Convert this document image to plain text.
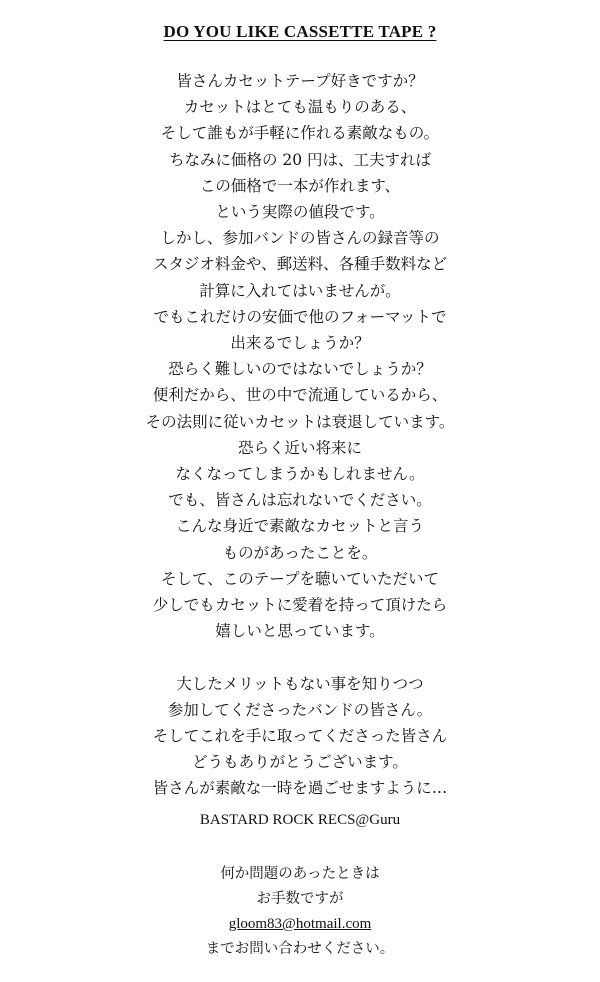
DO YOU LIKE CASSETTE TAPE ?
皆さんカセットテープ好きですか？
カセットはとても温もりのある、
そして誰もが手軽に作れる素敵なもの。
ちなみに価格の 20 円は、工夫すれば
この価格で一本が作れます、
という実際の値段です。
しかし、参加バンドの皆さんの録音等の
スタジオ料金や、郵送料、各種手数料など
計算に入れてはいませんが。
でもこれだけの安価で他のフォーマットで
出来るでしょうか？
恐らく難しいのではないでしょうか？
便利だから、世の中で流通しているから、
その法則に従いカセットは衰退しています。
恐らく近い将来に
なくなってしまうかもしれません。
でも、皆さんは忘れないでください。
こんな身近で素敵なカセットと言う
ものがあったことを。
そして、このテープを聴いていただいて
少しでもカセットに愛着を持って頂けたら
嬉しいと思っています。

大したメリットもない事を知りつつ
参加してくださったバンドの皆さん。
そしてこれを手に取ってくださった皆さん
どうもありがとうございます。
皆さんが素敵な一時を過ごせますように…
BASTARD ROCK RECS@Guru
何か問題のあったときは
お手数ですが
gloom83@hotmail.com
までお問い合わせください。
